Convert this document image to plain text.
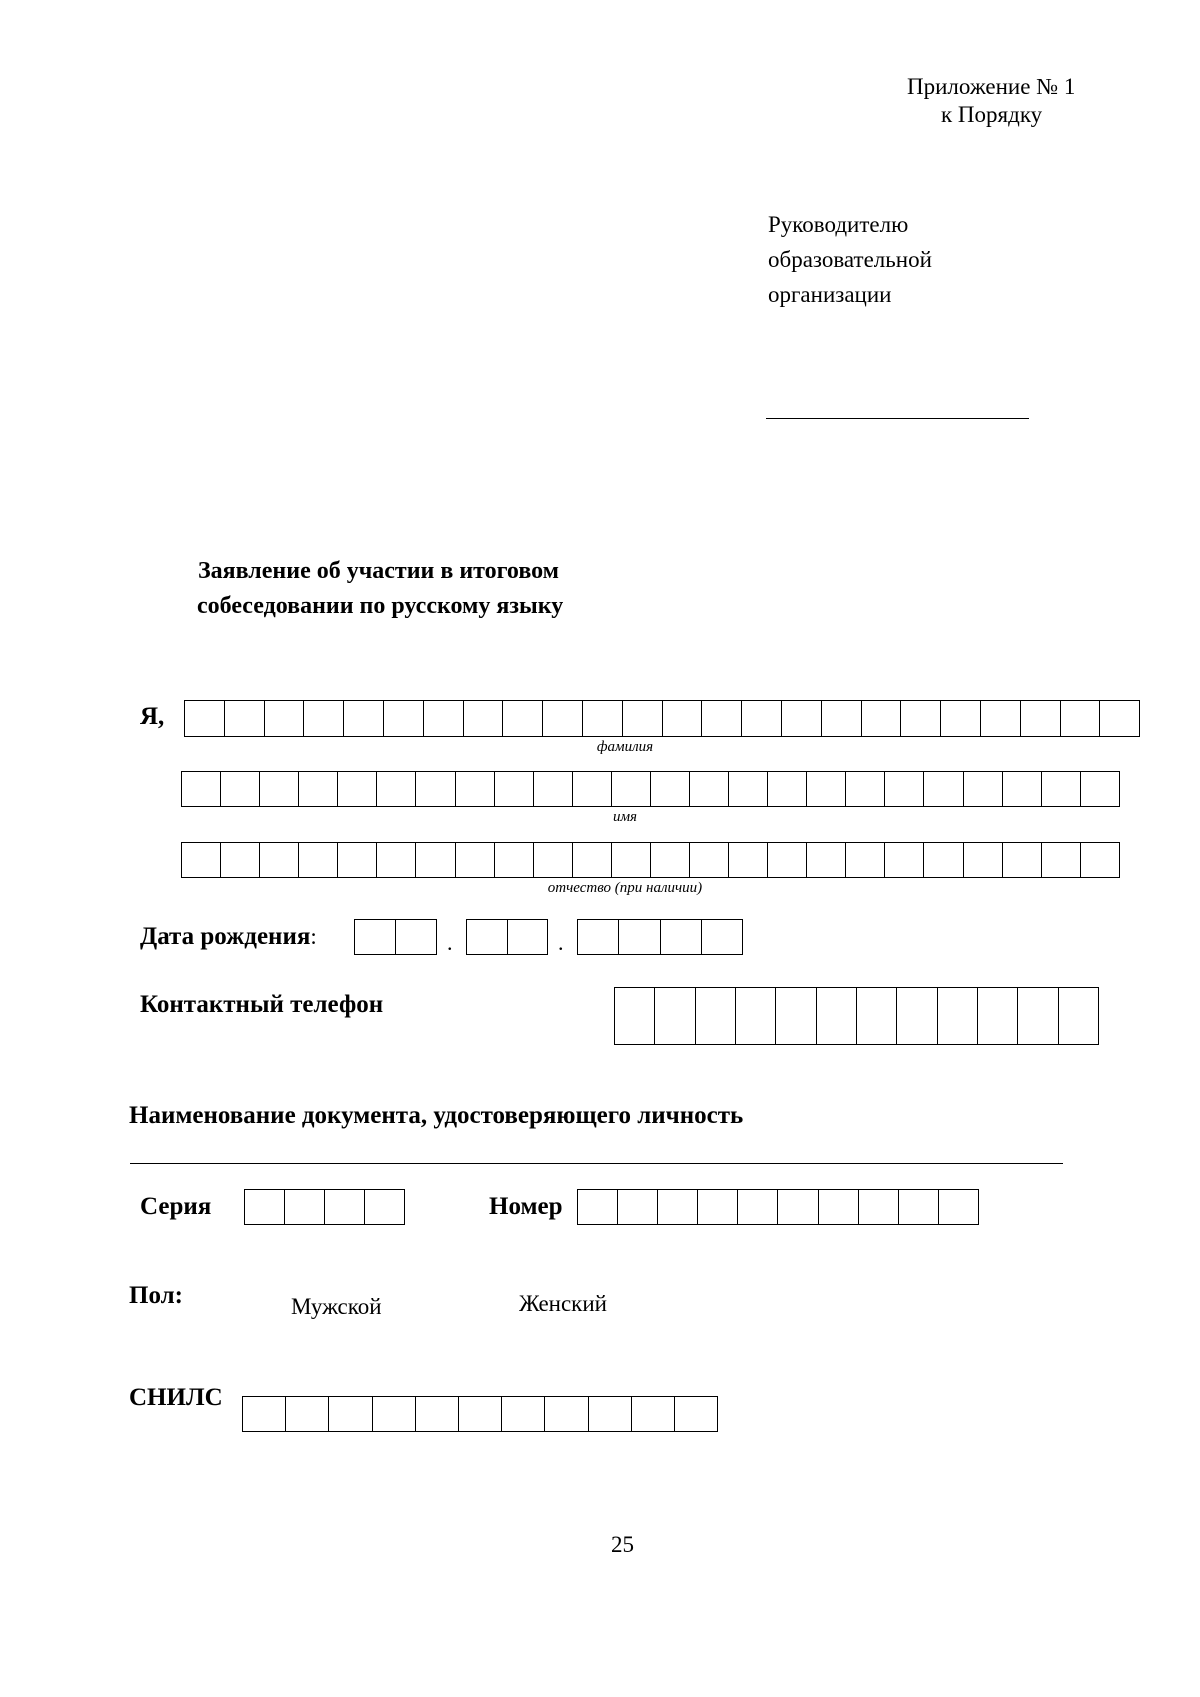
Приложение № 1
к Порядку
Руководителю
образовательной
организации
Заявление об участии в итоговом
собеседовании по русскому языку
Я,
фамилия
имя
отчество (при наличии)
Дата рождения:	.	.
Контактный телефон
Наименование документа, удостоверяющего личность
Серия	Номер
Пол:	Мужской	Женский
СНИЛС
25
